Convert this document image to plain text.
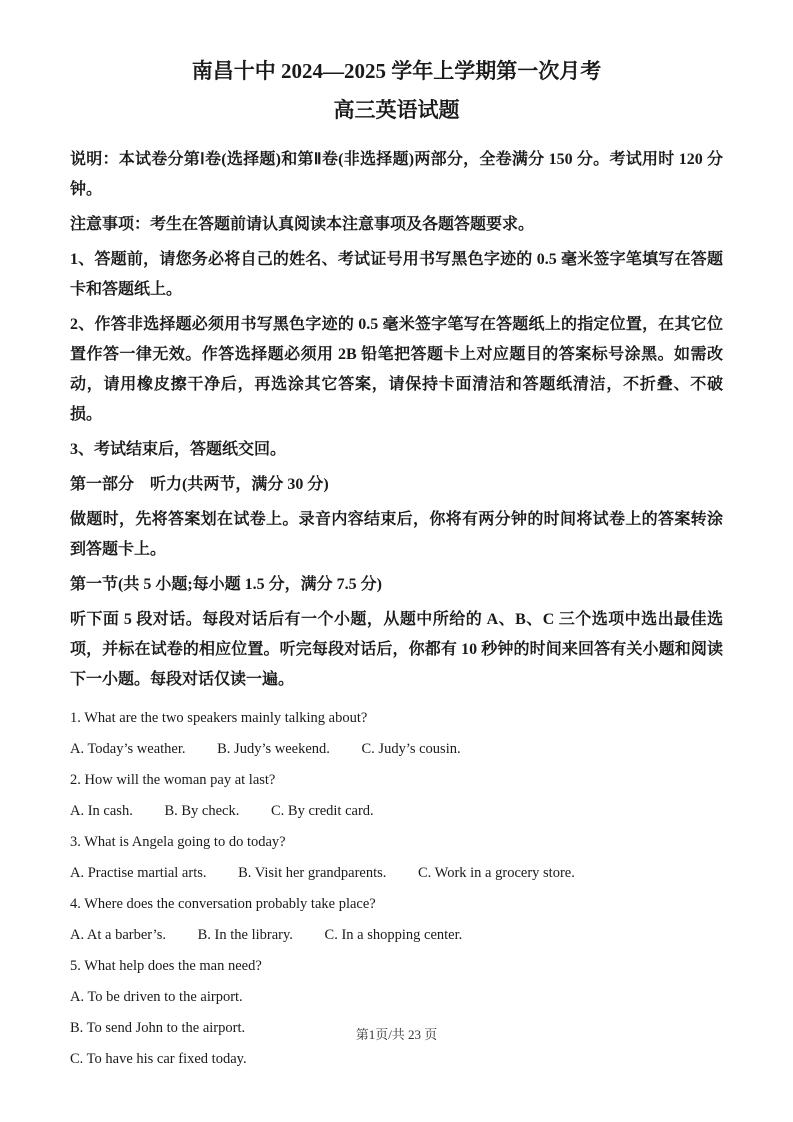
南昌十中 2024—2025 学年上学期第一次月考
高三英语试题

说明：本试卷分第Ⅰ卷(选择题)和第Ⅱ卷(非选择题)两部分，全卷满分 150 分。考试用时 120 分钟。

注意事项：考生在答题前请认真阅读本注意事项及各题答题要求。

1、答题前，请您务必将自己的姓名、考试证号用书写黑色字迹的 0.5 毫米签字笔填写在答题卡和答题纸上。

2、作答非选择题必须用书写黑色字迹的 0.5 毫米签字笔写在答题纸上的指定位置，在其它位置作答一律无效。作答选择题必须用 2B 铅笔把答题卡上对应题目的答案标号涂黑。如需改动，请用橡皮擦干净后，再选涂其它答案，请保持卡面清洁和答题纸清洁，不折叠、不破损。

3、考试结束后，答题纸交回。

第一部分　听力(共两节，满分 30 分)

做题时，先将答案划在试卷上。录音内容结束后，你将有两分钟的时间将试卷上的答案转涂到答题卡上。

第一节(共 5 小题;每小题 1.5 分，满分 7.5 分)

听下面 5 段对话。每段对话后有一个小题，从题中所给的 A、B、C 三个选项中选出最佳选项，并标在试卷的相应位置。听完每段对话后，你都有 10 秒钟的时间来回答有关小题和阅读下一小题。每段对话仅读一遍。

1. What are the two speakers mainly talking about?

A. Today’s weather. B. Judy’s weekend. C. Judy’s cousin.

2. How will the woman pay at last?

A. In cash. B. By check. C. By credit card.

3. What is Angela going to do today?

A. Practise martial arts. B. Visit her grandparents. C. Work in a grocery store.

4. Where does the conversation probably take place?

A. At a barber’s. B. In the library. C. In a shopping center.

5. What help does the man need?

A. To be driven to the airport.

B. To send John to the airport.

C. To have his car fixed today.

第1页/共 23 页
